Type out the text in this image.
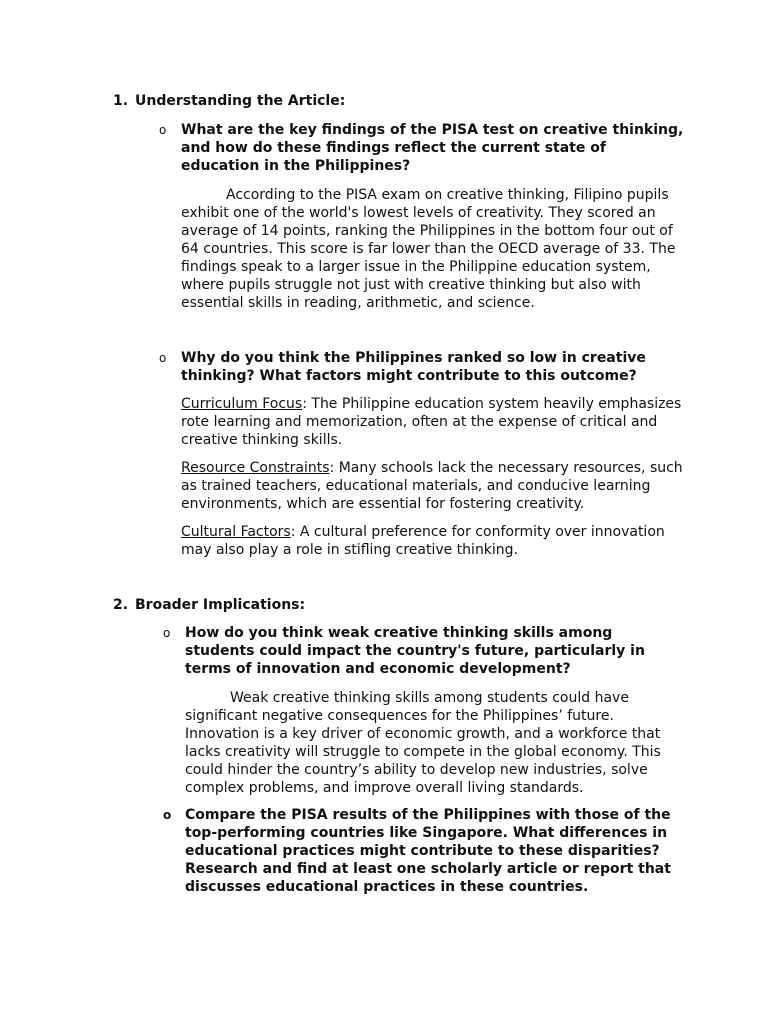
1. Understanding the Article:
o What are the key findings of the PISA test on creative thinking, and how do these findings reflect the current state of education in the Philippines?

According to the PISA exam on creative thinking, Filipino pupils exhibit one of the world's lowest levels of creativity. They scored an average of 14 points, ranking the Philippines in the bottom four out of 64 countries. This score is far lower than the OECD average of 33. The findings speak to a larger issue in the Philippine education system, where pupils struggle not just with creative thinking but also with essential skills in reading, arithmetic, and science.

o Why do you think the Philippines ranked so low in creative thinking? What factors might contribute to this outcome?

Curriculum Focus: The Philippine education system heavily emphasizes rote learning and memorization, often at the expense of critical and creative thinking skills.

Resource Constraints: Many schools lack the necessary resources, such as trained teachers, educational materials, and conducive learning environments, which are essential for fostering creativity.

Cultural Factors: A cultural preference for conformity over innovation may also play a role in stifling creative thinking.

2. Broader Implications:
o How do you think weak creative thinking skills among students could impact the country's future, particularly in terms of innovation and economic development?

Weak creative thinking skills among students could have significant negative consequences for the Philippines’ future. Innovation is a key driver of economic growth, and a workforce that lacks creativity will struggle to compete in the global economy. This could hinder the country’s ability to develop new industries, solve complex problems, and improve overall living standards.

o Compare the PISA results of the Philippines with those of the top-performing countries like Singapore. What differences in educational practices might contribute to these disparities? Research and find at least one scholarly article or report that discusses educational practices in these countries.
